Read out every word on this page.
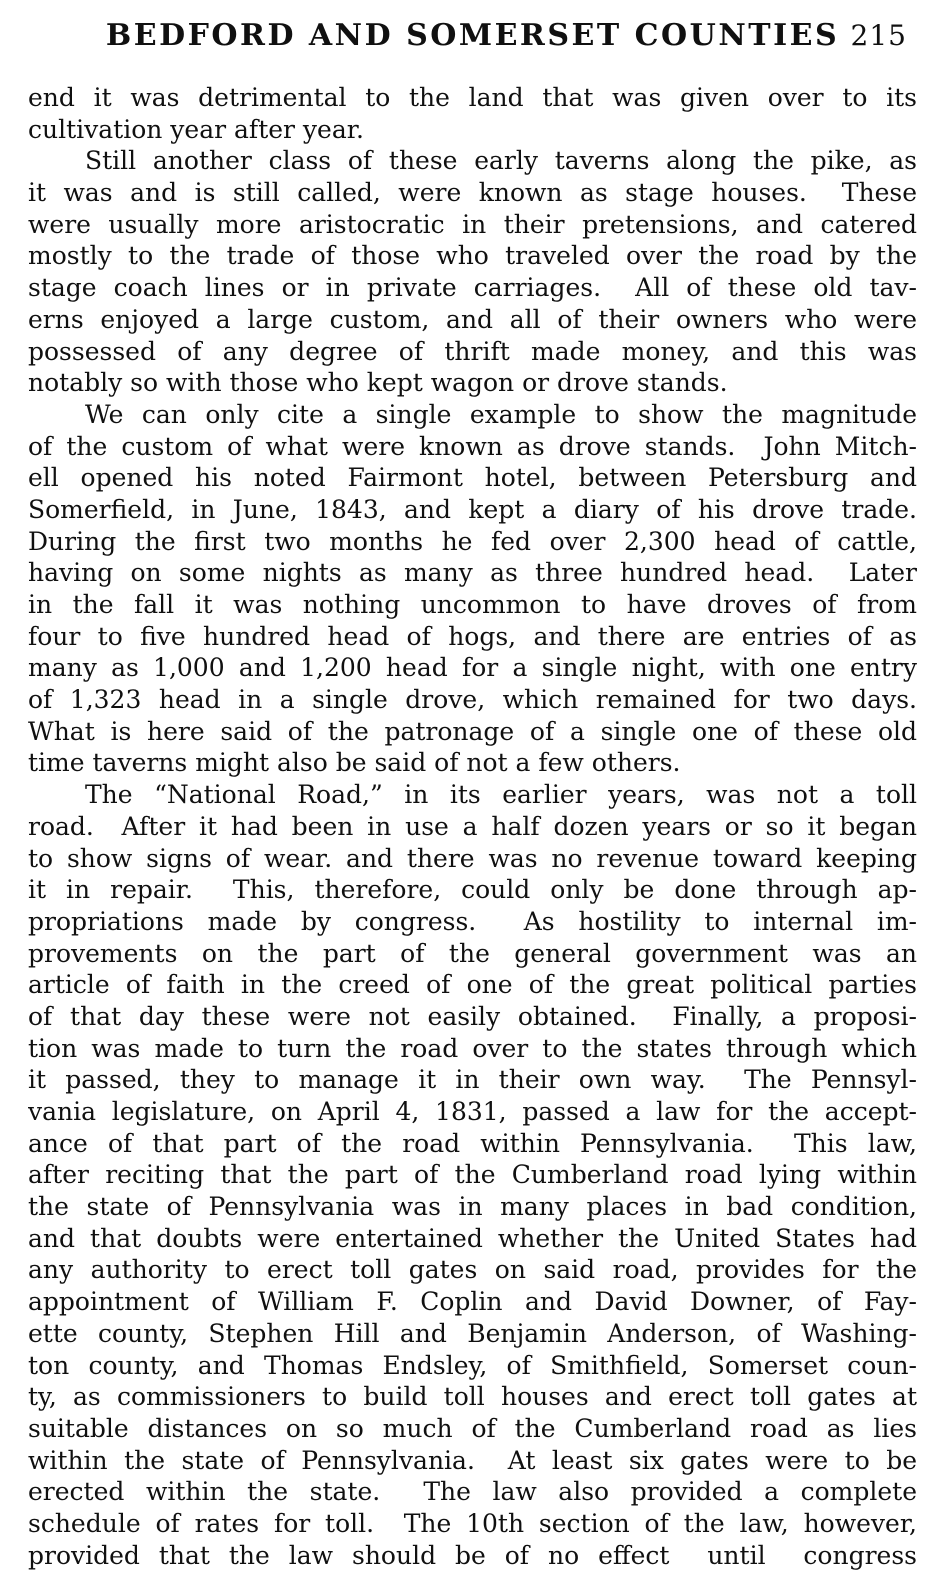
BEDFORD AND SOMERSET COUNTIES 215
end it was detrimental to the land that was given over to its
cultivation year after year.
Still another class of these early taverns along the pike, as
it was and is still called, were known as stage houses.  These
were usually more aristocratic in their pretensions, and catered
mostly to the trade of those who traveled over the road by the
stage coach lines or in private carriages.  All of these old tav-
erns enjoyed a large custom, and all of their owners who were
possessed of any degree of thrift made money, and this was
notably so with those who kept wagon or drove stands.
We can only cite a single example to show the magnitude
of the custom of what were known as drove stands.  John Mitch-
ell opened his noted Fairmont hotel, between Petersburg and
Somerfield, in June, 1843, and kept a diary of his drove trade.
During the first two months he fed over 2,300 head of cattle,
having on some nights as many as three hundred head.  Later
in the fall it was nothing uncommon to have droves of from
four to five hundred head of hogs, and there are entries of as
many as 1,000 and 1,200 head for a single night, with one entry
of 1,323 head in a single drove, which remained for two days.
What is here said of the patronage of a single one of these old
time taverns might also be said of not a few others.
The “National Road,” in its earlier years, was not a toll
road.  After it had been in use a half dozen years or so it began
to show signs of wear. and there was no revenue toward keeping
it in repair.  This, therefore, could only be done through ap-
propriations made by congress.  As hostility to internal im-
provements on the part of the general government was an
article of faith in the creed of one of the great political parties
of that day these were not easily obtained.  Finally, a proposi-
tion was made to turn the road over to the states through which
it passed, they to manage it in their own way.  The Pennsyl-
vania legislature, on April 4, 1831, passed a law for the accept-
ance of that part of the road within Pennsylvania.  This law,
after reciting that the part of the Cumberland road lying within
the state of Pennsylvania was in many places in bad condition,
and that doubts were entertained whether the United States had
any authority to erect toll gates on said road, provides for the
appointment of William F. Coplin and David Downer, of Fay-
ette county, Stephen Hill and Benjamin Anderson, of Washing-
ton county, and Thomas Endsley, of Smithfield, Somerset coun-
ty, as commissioners to build toll houses and erect toll gates at
suitable distances on so much of the Cumberland road as lies
within the state of Pennsylvania.  At least six gates were to be
erected within the state.  The law also provided a complete
schedule of rates for toll.  The 10th section of the law, however,
provided that the law should be of no effect  until  congress
